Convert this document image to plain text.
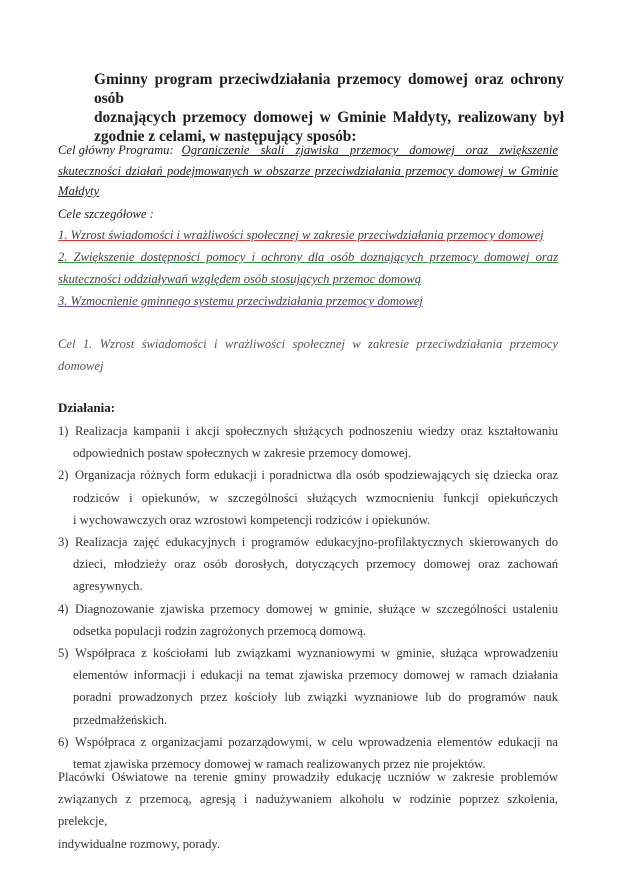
Gminny program przeciwdziałania przemocy domowej oraz ochrony osób
doznających przemocy domowej w Gminie Małdyty, realizowany był
zgodnie z celami, w następujący sposób:
Cel główny Programu: Ograniczenie skali zjawiska przemocy domowej oraz zwiększenie
skuteczności działań podejmowanych w obszarze przeciwdziałania przemocy domowej w Gminie
Małdyty
Cele szczegółowe :
1. Wzrost świadomości i wrażliwości społecznej w zakresie przeciwdziałania przemocy domowej
2. Zwiększenie dostępności pomocy i ochrony dla osób doznających przemocy domowej oraz
skuteczności oddziaływań względem osób stosujących przemoc domową
3. Wzmocnienie gminnego systemu przeciwdziałania przemocy domowej
Cel 1. Wzrost świadomości i wrażliwości społecznej w zakresie przeciwdziałania przemocy
domowej
Działania:
1) Realizacja kampanii i akcji społecznych służących podnoszeniu wiedzy oraz kształtowaniu
odpowiednich postaw społecznych w zakresie przemocy domowej.
2) Organizacja różnych form edukacji i poradnictwa dla osób spodziewających się dziecka oraz
rodziców i opiekunów, w szczególności służących wzmocnieniu funkcji opiekuńczych
i wychowawczych oraz wzrostowi kompetencji rodziców i opiekunów.
3) Realizacja zajęć edukacyjnych i programów edukacyjno-profilaktycznych skierowanych do
dzieci, młodzieży oraz osób dorosłych, dotyczących przemocy domowej oraz zachowań
agresywnych.
4) Diagnozowanie zjawiska przemocy domowej w gminie, służące w szczególności ustaleniu
odsetka populacji rodzin zagrożonych przemocą domową.
5) Współpraca z kościołami lub związkami wyznaniowymi w gminie, służąca wprowadzeniu
elementów informacji i edukacji na temat zjawiska przemocy domowej w ramach działania
poradni prowadzonych przez kościoły lub związki wyznaniowe lub do programów nauk
przedmałżeńskich.
6) Współpraca z organizacjami pozarządowymi, w celu wprowadzenia elementów edukacji na
temat zjawiska przemocy domowej w ramach realizowanych przez nie projektów.
Placówki Oświatowe na terenie gminy prowadziły edukację uczniów w zakresie problemów
związanych z przemocą, agresją i nadużywaniem alkoholu w rodzinie poprzez szkolenia, prelekcje,
indywidualne rozmowy, porady.
